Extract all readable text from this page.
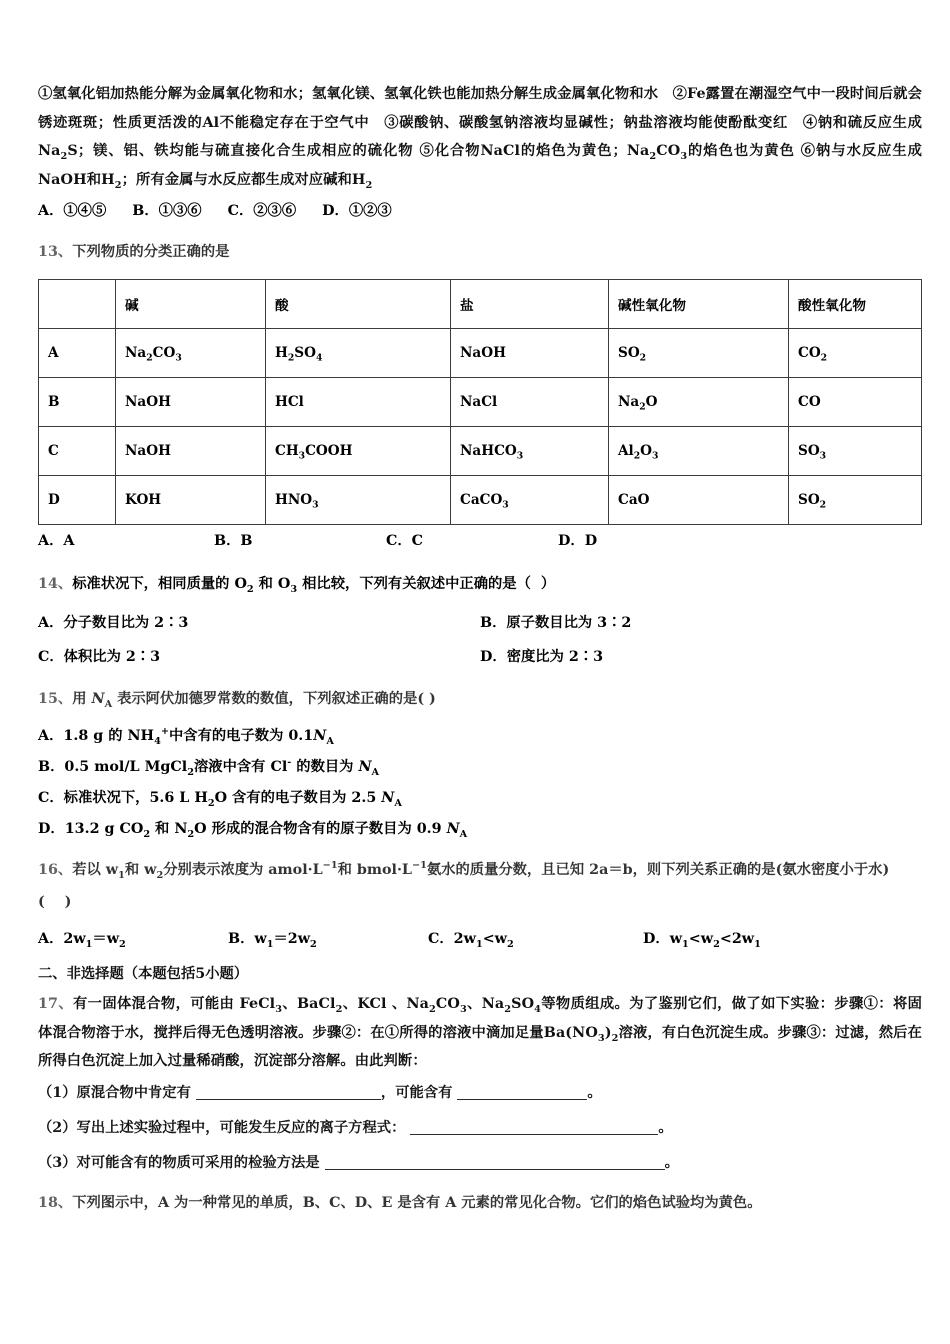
①氢氧化铝加热能分解为金属氧化物和水；氢氧化镁、氢氧化铁也能加热分解生成金属氧化物和水　②Fe露置在潮湿空气中一段时间后就会锈迹斑斑；性质更活泼的Al不能稳定存在于空气中　③碳酸钠、碳酸氢钠溶液均显碱性；钠盐溶液均能使酚酞变红　④钠和硫反应生成$Na_2S$；镁、铝、铁均能与硫直接化合生成相应的硫化物 ⑤化合物NaCl的焰色为黄色；$Na_2CO_3$的焰色也为黄色 ⑥钠与水反应生成NaOH和$H_2$；所有金属与水反应都生成对应碱和$H_2$
A．①④⑤ B．①③⑥ C．②③⑥ D．①②③
13、下列物质的分类正确的是
	碱	酸	盐	碱性氧化物	酸性氧化物
A	$Na_2CO_3$	$H_2SO_4$	NaOH	$SO_2$	$CO_2$
B	NaOH	HCl	NaCl	$Na_2O$	CO
C	NaOH	$CH_3COOH$	NaHCO$_3$	$Al_2O_3$	$SO_3$
D	KOH	$HNO_3$	CaCO$_3$	CaO	$SO_2$
A．A	B．B	C．C	D．D
14、标准状况下，相同质量的 $O_2$ 和 $O_3$ 相比较，下列有关叙述中正确的是（  ）
A．分子数目比为 2∶3	B．原子数目比为 3∶2
C．体积比为 2∶3	D．密度比为 2∶3
15、用 $N_A$ 表示阿伏加德罗常数的数值，下列叙述正确的是( )
A．1.8 g 的 $NH_4^+$中含有的电子数为 $0.1N_A$
B．0.5 mol/L MgCl$_2$溶液中含有 Cl- 的数目为 $N_A$
C．标准状况下，5.6 L $H_2O$ 含有的电子数目为 2.5 $N_A$
D．13.2 g $CO_2$ 和 $N_2O$ 形成的混合物含有的原子数目为 0.9 $N_A$
16、若以 $w_1$和 $w_2$分别表示浓度为 $amol\cdot L^{-1}$和 $bmol\cdot L^{-1}$氨水的质量分数，且已知 2a＝b，则下列关系正确的是(氨水密度小于水)(    )
A．$2w_1=w_2$	B．$w_1=2w_2$	C．$2w_1<w_2$	D．$w_1<w_2<2w_1$
二、非选择题（本题包括5小题）
17、有一固体混合物，可能由 FeCl$_3$、BaCl$_2$、KCl 、$Na_2CO_3$、$Na_2SO_4$等物质组成。为了鉴别它们，做了如下实验：步骤①：将固体混合物溶于水，搅拌后得无色透明溶液。步骤②：在①所得的溶液中滴加足量$Ba(NO_3)_2$溶液，有白色沉淀生成。步骤③：过滤，然后在所得白色沉淀上加入过量稀硝酸，沉淀部分溶解。由此判断：
（1）原混合物中肯定有	，可能含有	。
（2）写出上述实验过程中，可能发生反应的离子方程式：	。
（3）对可能含有的物质可采用的检验方法是	。
18、下列图示中，A 为一种常见的单质，B、C、D、E 是含有 A 元素的常见化合物。它们的焰色试验均为黄色。
